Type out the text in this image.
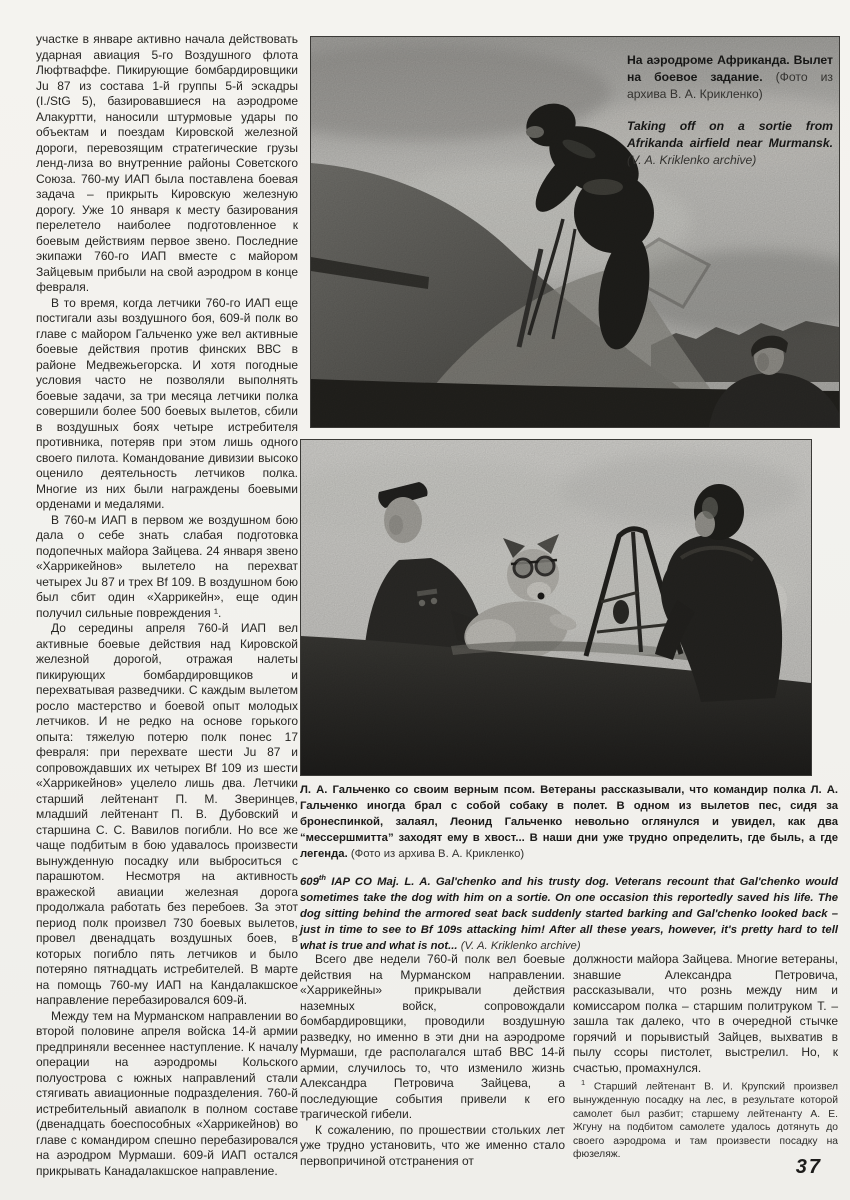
участке в январе активно начала действовать ударная авиация 5-го Воздушного флота Люфтваффе. Пикирующие бомбардировщики Ju 87 из состава 1-й группы 5-й эскадры (I./StG 5), базировавшиеся на аэродроме Алакуртти, наносили штурмовые удары по объектам и поездам Кировской железной дороги, перевозящим стратегические грузы ленд-лиза во внутренние районы Советского Союза. 760-му ИАП была поставлена боевая задача – прикрыть Кировскую железную дорогу. Уже 10 января к месту базирования перелетело наиболее подготовленное к боевым действиям первое звено. Последние экипажи 760-го ИАП вместе с майором Зайцевым прибыли на свой аэродром в конце февраля.

В то время, когда летчики 760-го ИАП еще постигали азы воздушного боя, 609-й полк во главе с майором Гальченко уже вел активные боевые действия против финских ВВС в районе Медвежьегорска. И хотя погодные условия часто не позволяли выполнять боевые задачи, за три месяца летчики полка совершили более 500 боевых вылетов, сбили в воздушных боях четыре истребителя противника, потеряв при этом лишь одного своего пилота. Командование дивизии высоко оценило деятельность летчиков полка. Многие из них были награждены боевыми орденами и медалями.

В 760-м ИАП в первом же воздушном бою дала о себе знать слабая подготовка подопечных майора Зайцева. 24 января звено «Харрикейнов» вылетело на перехват четырех Ju 87 и трех Bf 109. В воздушном бою был сбит один «Харрикейн», еще один получил сильные повреждения ¹.

До середины апреля 760-й ИАП вел активные боевые действия над Кировской железной дорогой, отражая налеты пикирующих бомбардировщиков и перехватывая разведчики. С каждым вылетом росло мастерство и боевой опыт молодых летчиков. И не редко на основе горького опыта: тяжелую потерю полк понес 17 февраля: при перехвате шести Ju 87 и сопровождавших их четырех Bf 109 из шести «Харрикейнов» уцелело лишь два. Летчики старший лейтенант П. М. Зверинцев, младший лейтенант П. В. Дубовский и старшина С. С. Вавилов погибли. Но все же чаще подбитым в бою удавалось произвести вынужденную посадку или выброситься с парашютом. Несмотря на активность вражеской авиации железная дорога продолжала работать без перебоев. За этот период полк произвел 730 боевых вылетов, провел двенадцать воздушных боев, в которых погибло пять летчиков и было потеряно пятнадцать истребителей. В марте на помощь 760-му ИАП на Кандалакшское направление перебазировался 609-й.

Между тем на Мурманском направлении во второй половине апреля войска 14-й армии предприняли весеннее наступление. К началу операции на аэродромы Кольского полуострова с южных направлений стали стягивать авиационные подразделения. 760-й истребительный авиаполк в полном составе (двенадцать боеспособных «Харрикейнов) во главе с командиром спешно перебазировался на аэродром Мурмаши. 609-й ИАП остался прикрывать Канадалакшское направление.

На аэродроме Африканда. Вылет на боевое задание. (Фото из архива В. А. Крикленко)
Taking off on a sortie from Afrikanda airfield near Murmansk. (V. A. Kriklenko archive)
Л. А. Гальченко со своим верным псом. Ветераны рассказывали, что командир полка Л. А. Гальченко иногда брал с собой собаку в полет. В одном из вылетов пес, сидя за бронеспинкой, залаял, Леонид Гальченко невольно оглянулся и увидел, как два “мессершмитта” заходят ему в хвост... В наши дни уже трудно определить, где быль, а где легенда. (Фото из архива В. А. Крикленко)
609th IAP CO Maj. L. A. Gal'chenko and his trusty dog. Veterans recount that Gal'chenko would sometimes take the dog with him on a sortie. On one occasion this reportedly saved his life. The dog sitting behind the armored seat back suddenly started barking and Gal'chenko looked back – just in time to see to Bf 109s attacking him! After all these years, however, it's pretty hard to tell what is true and what is not... (V. A. Kriklenko archive)

Всего две недели 760-й полк вел боевые действия на Мурманском направлении. «Харрикейны» прикрывали действия наземных войск, сопровождали бомбардировщики, проводили воздушную разведку, но именно в эти дни на аэродроме Мурмаши, где располагался штаб ВВС 14-й армии, случилось то, что изменило жизнь Александра Петровича Зайцева, а последующие события привели к его трагической гибели.

К сожалению, по прошествии стольких лет уже трудно установить, что же именно стало первопричиной отстранения от

должности майора Зайцева. Многие ветераны, знавшие Александра Петровича, рассказывали, что рознь между ним и комиссаром полка – старшим политруком Т. – зашла так далеко, что в очередной стычке горячий и порывистый Зайцев, выхватив в пылу ссоры пистолет, выстрелил. Но, к счастью, промахнулся.

$^1$ Старший лейтенант В. И. Крупский произвел вынужденную посадку на лес, в результате которой самолет был разбит; старшему лейтенанту А. Е. Жгуну на подбитом самолете удалось дотянуть до своего аэродрома и там произвести посадку на фюзеляж.

37
